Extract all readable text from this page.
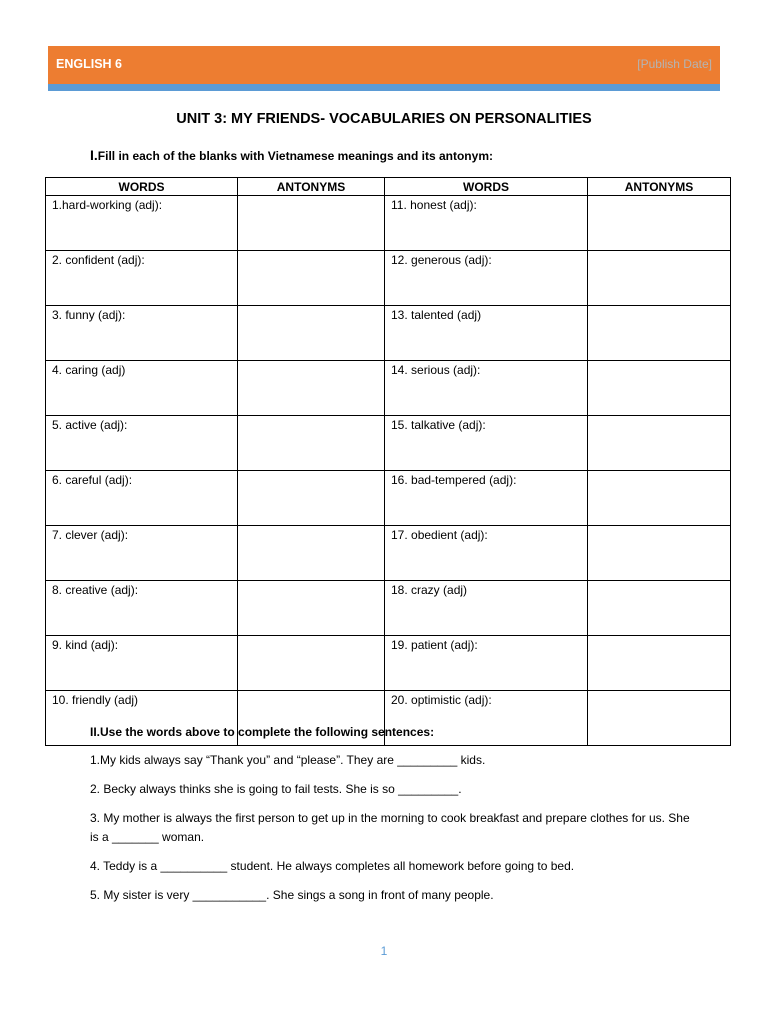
ENGLISH 6	[Publish Date]
UNIT 3: MY FRIENDS- VOCABULARIES ON PERSONALITIES
I.Fill in each of the blanks with Vietnamese meanings and its antonym:
WORDS	ANTONYMS	WORDS	ANTONYMS
1.hard-working (adj):		11. honest (adj):	
2. confident (adj):		12. generous (adj):	
3. funny (adj):		13. talented (adj)	
4. caring (adj)		14. serious (adj):	
5. active (adj):		15. talkative (adj):	
6. careful (adj):		16. bad-tempered (adj):	
7. clever (adj):		17. obedient (adj):	
8. creative (adj):		18. crazy (adj)	
9. kind (adj):		19. patient (adj):	
10. friendly (adj)		20. optimistic (adj):	
II.Use the words above to complete the following sentences:
1.My kids always say “Thank you” and “please”. They are _________ kids.
2. Becky always thinks she is going to fail tests. She is so _________.
3. My mother is always the first person to get up in the morning to cook breakfast and prepare clothes for us. She is a _______ woman.
4. Teddy is a __________ student. He always completes all homework before going to bed.
5. My sister is very ___________. She sings a song in front of many people.
1
